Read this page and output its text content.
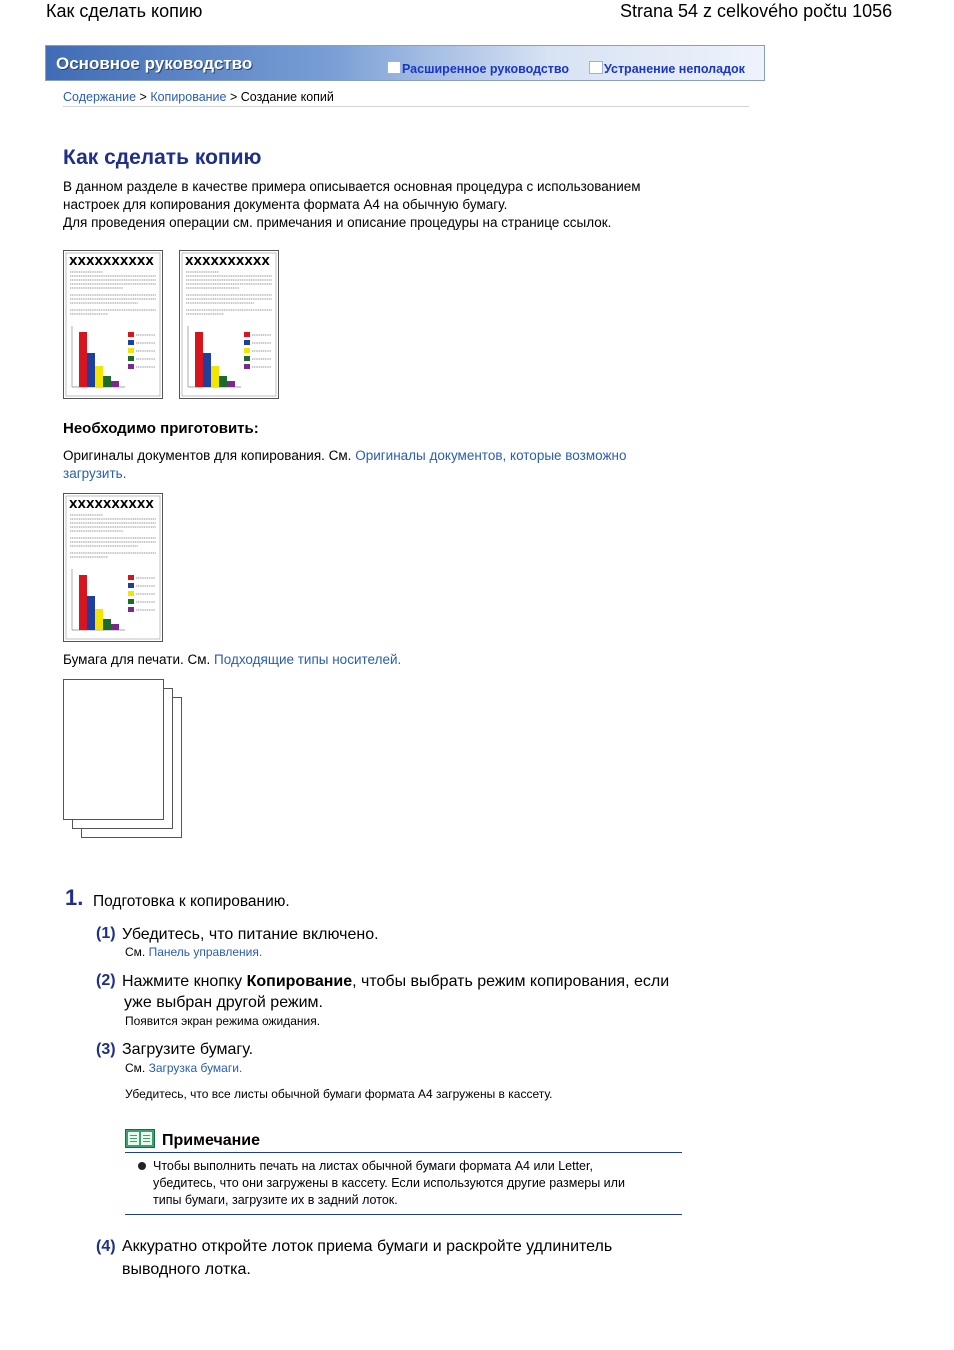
Как сделать копию	Strana 54 z celkového počtu 1056
Основное руководство	Расширенное руководство	Устранение неполадок
Содержание > Копирование > Создание копий
Как сделать копию
В данном разделе в качестве примера описывается основная процедура с использованием
настроек для копирования документа формата A4 на обычную бумагу.
Для проведения операции см. примечания и описание процедуры на странице ссылок.
XXXXXXXXXX	XXXXXXXXXX
Необходимо приготовить:
Оригиналы документов для копирования. См. Оригиналы документов, которые возможно
загрузить.
XXXXXXXXXX
Бумага для печати. См. Подходящие типы носителей.
1. Подготовка к копированию.
(1) Убедитесь, что питание включено.
См. Панель управления.
(2) Нажмите кнопку Копирование, чтобы выбрать режим копирования, если
уже выбран другой режим.
Появится экран режима ожидания.
(3) Загрузите бумагу.
См. Загрузка бумаги.
Убедитесь, что все листы обычной бумаги формата A4 загружены в кассету.
Примечание
Чтобы выполнить печать на листах обычной бумаги формата A4 или Letter,
убедитесь, что они загружены в кассету. Если используются другие размеры или
типы бумаги, загрузите их в задний лоток.
(4) Аккуратно откройте лоток приема бумаги и раскройте удлинитель
выводного лотка.
